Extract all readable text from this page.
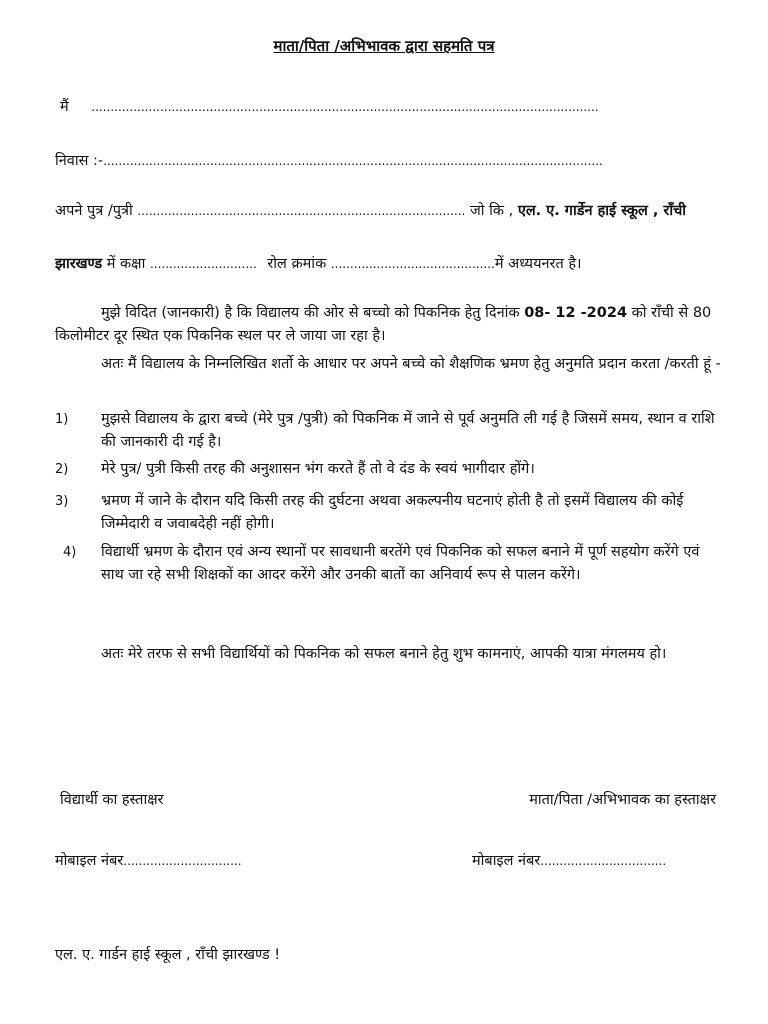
माता/पिता /अभिभावक द्वारा सहमति पत्र
मैं .....................................................................................................................................
निवास :-...................................................................................................................................
अपने पुत्र /पुत्री ...................................................................................... जो कि , एल. ए. गार्डेन हाई स्कूल , राँची
झारखण्ड में कक्षा ............................ रोल क्रमांक ...........................................में अध्ययनरत है।
मुझे विदित (जानकारी) है कि विद्यालय की ओर से बच्चो को पिकनिक हेतु दिनांक 08- 12 -2024 को राँची से 80 किलोमीटर दूर स्थित एक पिकनिक स्थल पर ले जाया जा रहा है।
अतः मैं विद्यालय के निम्नलिखित शर्तो के आधार पर अपने बच्चे को शैक्षणिक भ्रमण हेतु अनुमति प्रदान करता /करती हूं -
1) मुझसे विद्यालय के द्वारा बच्चे (मेरे पुत्र /पुत्री) को पिकनिक में जाने से पूर्व अनुमति ली गई है जिसमें समय, स्थान व राशि की जानकारी दी गई है।
2) मेरे पुत्र/ पुत्री किसी तरह की अनुशासन भंग करते हैं तो वे दंड के स्वयं भागीदार होंगे।
3) भ्रमण में जाने के दौरान यदि किसी तरह की दुर्घटना अथवा अकल्पनीय घटनाएं होती है तो इसमें विद्यालय की कोई जिम्मेदारी व जवाबदेही नहीं होगी।
4) विद्यार्थी भ्रमण के दौरान एवं अन्य स्थानों पर सावधानी बरतेंगे एवं पिकनिक को सफल बनाने में पूर्ण सहयोग करेंगे एवं साथ जा रहे सभी शिक्षकों का आदर करेंगे और उनकी बातों का अनिवार्य रूप से पालन करेंगे।
अतः मेरे तरफ से सभी विद्यार्थियों को पिकनिक को सफल बनाने हेतु शुभ कामनाएं, आपकी यात्रा मंगलमय हो।
विद्यार्थी का हस्ताक्षर	माता/पिता /अभिभावक का हस्ताक्षर
मोबाइल नंबर...............................	मोबाइल नंबर.................................
एल. ए. गार्डन हाई स्कूल , राँची झारखण्ड !
